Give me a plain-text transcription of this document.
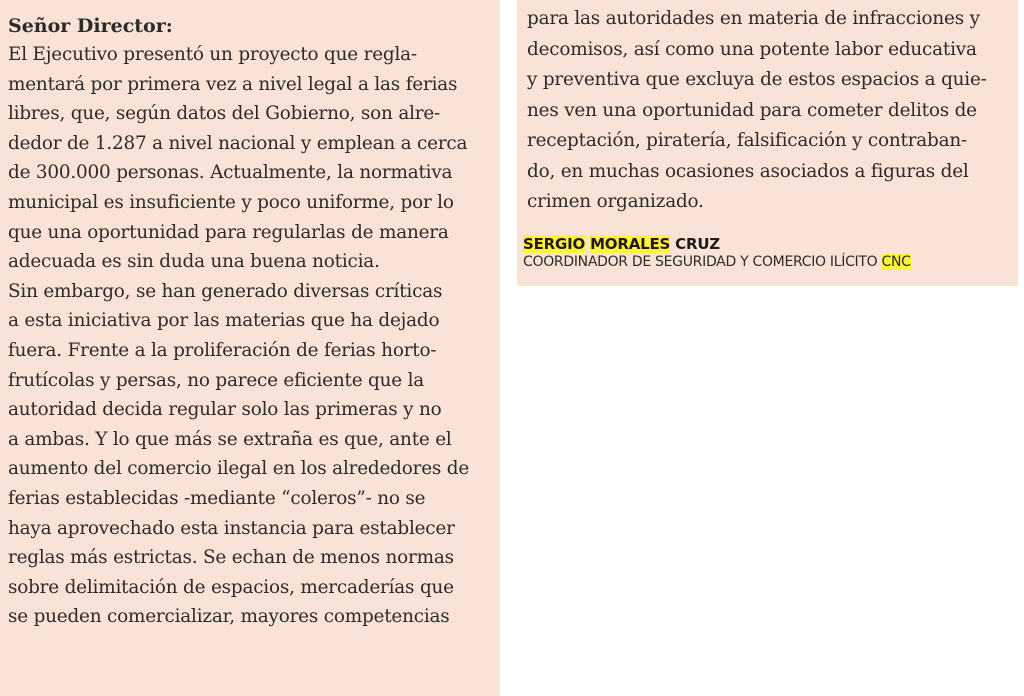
Señor Director:

El Ejecutivo presentó un proyecto que regla-
mentará por primera vez a nivel legal a las ferias
libres, que, según datos del Gobierno, son alre-
dedor de 1.287 a nivel nacional y emplean a cerca
de 300.000 personas. Actualmente, la normativa
municipal es insuficiente y poco uniforme, por lo
que una oportunidad para regularlas de manera
adecuada es sin duda una buena noticia.
Sin embargo, se han generado diversas críticas
a esta iniciativa por las materias que ha dejado
fuera. Frente a la proliferación de ferias horto-
frutícolas y persas, no parece eficiente que la
autoridad decida regular solo las primeras y no
a ambas. Y lo que más se extraña es que, ante el
aumento del comercio ilegal en los alrededores de
ferias establecidas -mediante “coleros”- no se
haya aprovechado esta instancia para establecer
reglas más estrictas. Se echan de menos normas
sobre delimitación de espacios, mercaderías que
se pueden comercializar, mayores competencias
para las autoridades en materia de infracciones y
decomisos, así como una potente labor educativa
y preventiva que excluya de estos espacios a quie-
nes ven una oportunidad para cometer delitos de
receptación, piratería, falsificación y contraban-
do, en muchas ocasiones asociados a figuras del
crimen organizado.
SERGIO MORALES CRUZ
COORDINADOR DE SEGURIDAD Y COMERCIO ILÍCITO CNC
